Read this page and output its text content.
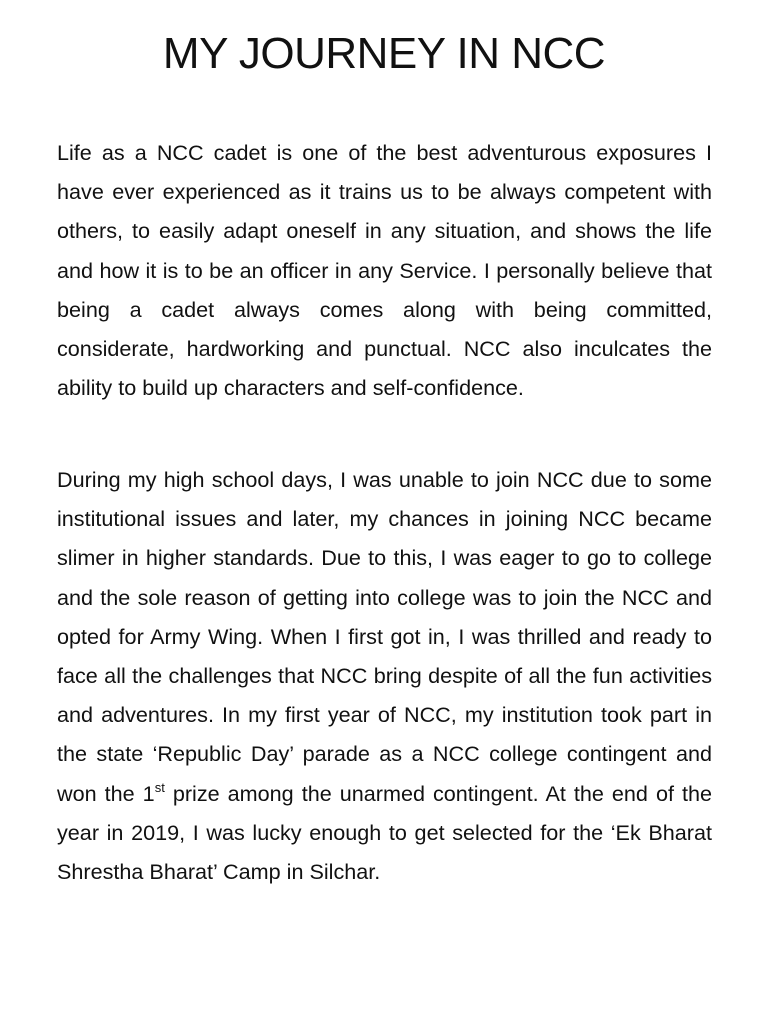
MY JOURNEY IN NCC

Life as a NCC cadet is one of the best adventurous exposures I have ever experienced as it trains us to be always competent with others, to easily adapt oneself in any situation, and shows the life and how it is to be an officer in any Service. I personally believe that being a cadet always comes along with being committed, considerate, hardworking and punctual. NCC also inculcates the ability to build up characters and self-confidence.

During my high school days, I was unable to join NCC due to some institutional issues and later, my chances in joining NCC became slimer in higher standards. Due to this, I was eager to go to college and the sole reason of getting into college was to join the NCC and opted for Army Wing. When I first got in, I was thrilled and ready to face all the challenges that NCC bring despite of all the fun activities and adventures. In my first year of NCC, my institution took part in the state ‘Republic Day’ parade as a NCC college contingent and won the 1st prize among the unarmed contingent. At the end of the year in 2019, I was lucky enough to get selected for the ‘Ek Bharat Shrestha Bharat’ Camp in Silchar.
